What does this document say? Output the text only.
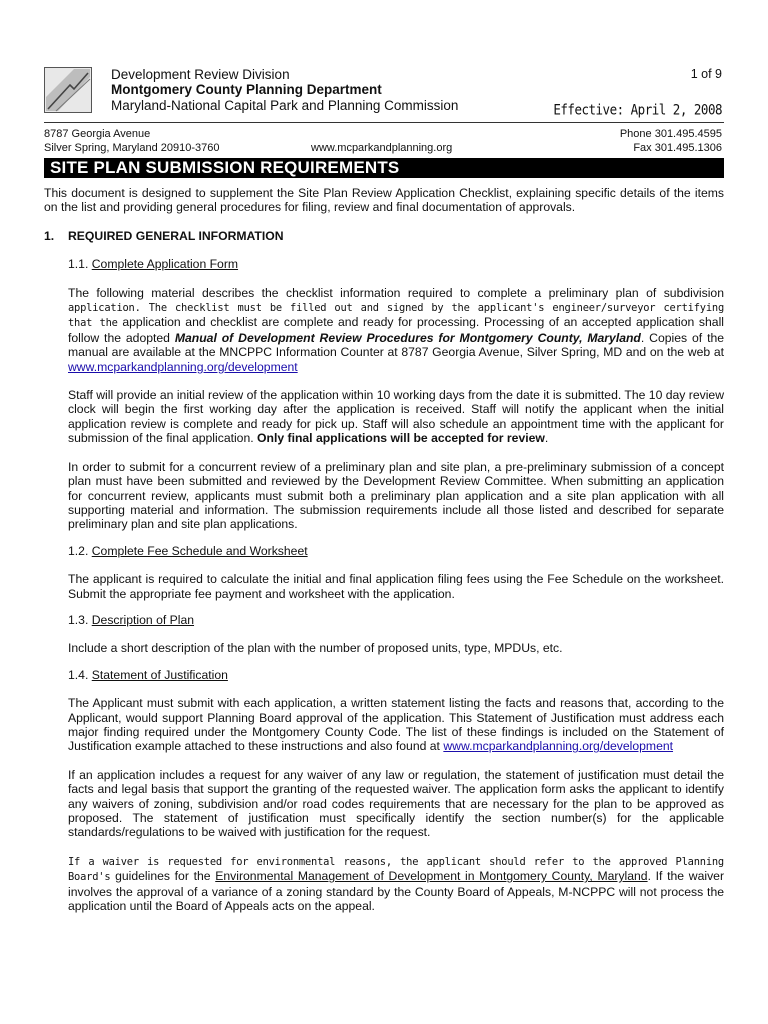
Development Review Division
Montgomery County Planning Department
Maryland-National Capital Park and Planning Commission
1 of 9
Effective: April 2, 2008
8787 Georgia Avenue
Silver Spring, Maryland 20910-3760	www.mcparkandplanning.org
Phone 301.495.4595
Fax 301.495.1306
SITE PLAN SUBMISSION REQUIREMENTS

This document is designed to supplement the Site Plan Review Application Checklist, explaining specific details of the items on the list and providing general procedures for filing, review and final documentation of approvals.

1. REQUIRED GENERAL INFORMATION

1.1. Complete Application Form

The following material describes the checklist information required to complete a preliminary plan of subdivision application. The checklist must be filled out and signed by the applicant's engineer/surveyor certifying that the application and checklist are complete and ready for processing. Processing of an accepted application shall follow the adopted Manual of Development Review Procedures for Montgomery County, Maryland. Copies of the manual are available at the MNCPPC Information Counter at 8787 Georgia Avenue, Silver Spring, MD and on the web at www.mcparkandplanning.org/development

Staff will provide an initial review of the application within 10 working days from the date it is submitted. The 10 day review clock will begin the first working day after the application is received. Staff will notify the applicant when the initial application review is complete and ready for pick up. Staff will also schedule an appointment time with the applicant for submission of the final application. Only final applications will be accepted for review.

In order to submit for a concurrent review of a preliminary plan and site plan, a pre-preliminary submission of a concept plan must have been submitted and reviewed by the Development Review Committee. When submitting an application for concurrent review, applicants must submit both a preliminary plan application and a site plan application with all supporting material and information. The submission requirements include all those listed and described for separate preliminary plan and site plan applications.

1.2. Complete Fee Schedule and Worksheet

The applicant is required to calculate the initial and final application filing fees using the Fee Schedule on the worksheet. Submit the appropriate fee payment and worksheet with the application.

1.3. Description of Plan

Include a short description of the plan with the number of proposed units, type, MPDUs, etc.

1.4. Statement of Justification

The Applicant must submit with each application, a written statement listing the facts and reasons that, according to the Applicant, would support Planning Board approval of the application. This Statement of Justification must address each major finding required under the Montgomery County Code. The list of these findings is included on the Statement of Justification example attached to these instructions and also found at www.mcparkandplanning.org/development

If an application includes a request for any waiver of any law or regulation, the statement of justification must detail the facts and legal basis that support the granting of the requested waiver. The application form asks the applicant to identify any waivers of zoning, subdivision and/or road codes requirements that are necessary for the plan to be approved as proposed. The statement of justification must specifically identify the section number(s) for the applicable standards/regulations to be waived with justification for the request.

If a waiver is requested for environmental reasons, the applicant should refer to the approved Planning Board's guidelines for the Environmental Management of Development in Montgomery County, Maryland. If the waiver involves the approval of a variance of a zoning standard by the County Board of Appeals, M-NCPPC will not process the application until the Board of Appeals acts on the appeal.
